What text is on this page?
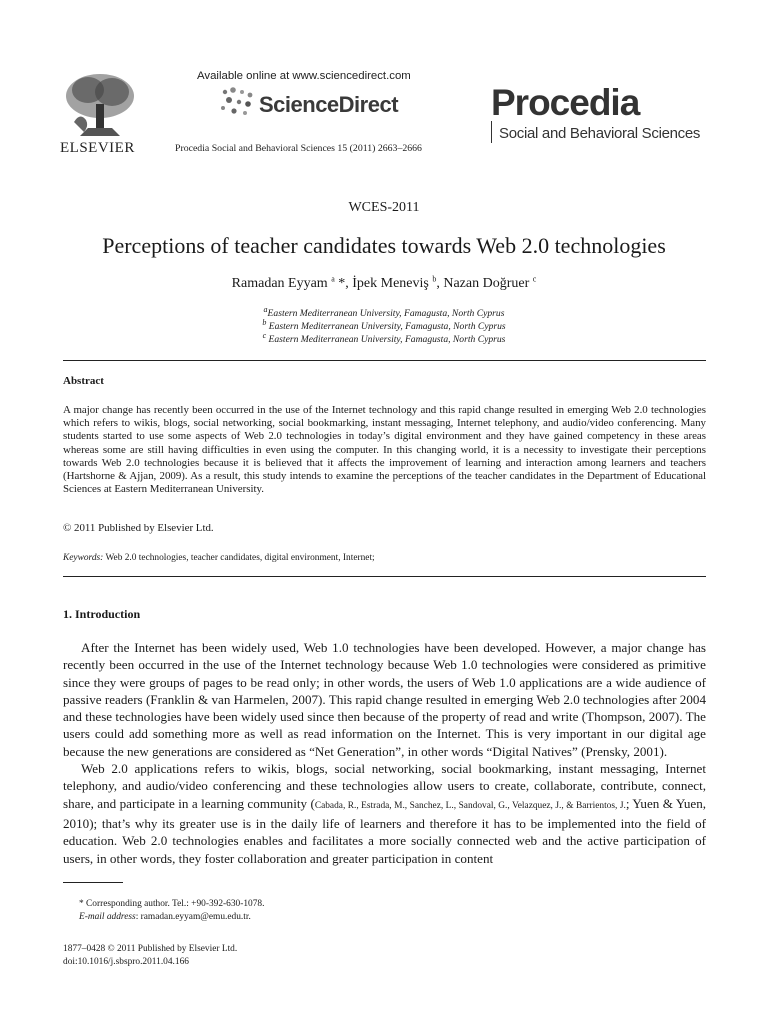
ELSEVIER
Available online at www.sciencedirect.com
ScienceDirect
Procedia Social and Behavioral Sciences 15 (2011) 2663–2666
Procedia
Social and Behavioral Sciences
WCES-2011
Perceptions of teacher candidates towards Web 2.0 technologies
Ramadan Eyyam $^a$ *, İpek Meneviş $^b$, Nazan Doğruer $^c$
$^a$Eastern Mediterranean University, Famagusta, North Cyprus
$^b$ Eastern Mediterranean University, Famagusta, North Cyprus
$^c$ Eastern Mediterranean University, Famagusta, North Cyprus
Abstract
A major change has recently been occurred in the use of the Internet technology and this rapid change resulted in emerging Web 2.0 technologies which refers to wikis, blogs, social networking, social bookmarking, instant messaging, Internet telephony, and audio/video conferencing. Many students started to use some aspects of Web 2.0 technologies in today’s digital environment and they have gained competency in these areas whereas some are still having difficulties in even using the computer. In this changing world, it is a necessity to investigate their perceptions towards Web 2.0 technologies because it is believed that it affects the improvement of learning and interaction among learners and teachers (Hartshorne & Ajjan, 2009). As a result, this study intends to examine the perceptions of the teacher candidates in the Department of Educational Sciences at Eastern Mediterranean University.
© 2011 Published by Elsevier Ltd.
Keywords: Web 2.0 technologies, teacher candidates, digital environment, Internet;
1. Introduction

After the Internet has been widely used, Web 1.0 technologies have been developed. However, a major change has recently been occurred in the use of the Internet technology because Web 1.0 technologies were considered as primitive since they were groups of pages to be read only; in other words, the users of Web 1.0 applications are a wide audience of passive readers (Franklin & van Harmelen, 2007). This rapid change resulted in emerging Web 2.0 technologies after 2004 and these technologies have been widely used since then because of the property of read and write (Thompson, 2007). The users could add something more as well as read information on the Internet. This is very important in our digital age because the new generations are considered as “Net Generation”, in other words “Digital Natives” (Prensky, 2001).

Web 2.0 applications refers to wikis, blogs, social networking, social bookmarking, instant messaging, Internet telephony, and audio/video conferencing and these technologies allow users to create, collaborate, contribute, connect, share, and participate in a learning community (Cabada, R., Estrada, M., Sanchez, L., Sandoval, G., Velazquez, J., & Barrientos, J.; Yuen & Yuen, 2010); that’s why its greater use is in the daily life of learners and therefore it has to be implemented into the field of education. Web 2.0 technologies enables and facilitates a more socially connected web and the active participation of users, in other words, they foster collaboration and greater participation in content

* Corresponding author. Tel.: +90-392-630-1078.
E-mail address: ramadan.eyyam@emu.edu.tr.
1877–0428 © 2011 Published by Elsevier Ltd.
doi:10.1016/j.sbspro.2011.04.166
